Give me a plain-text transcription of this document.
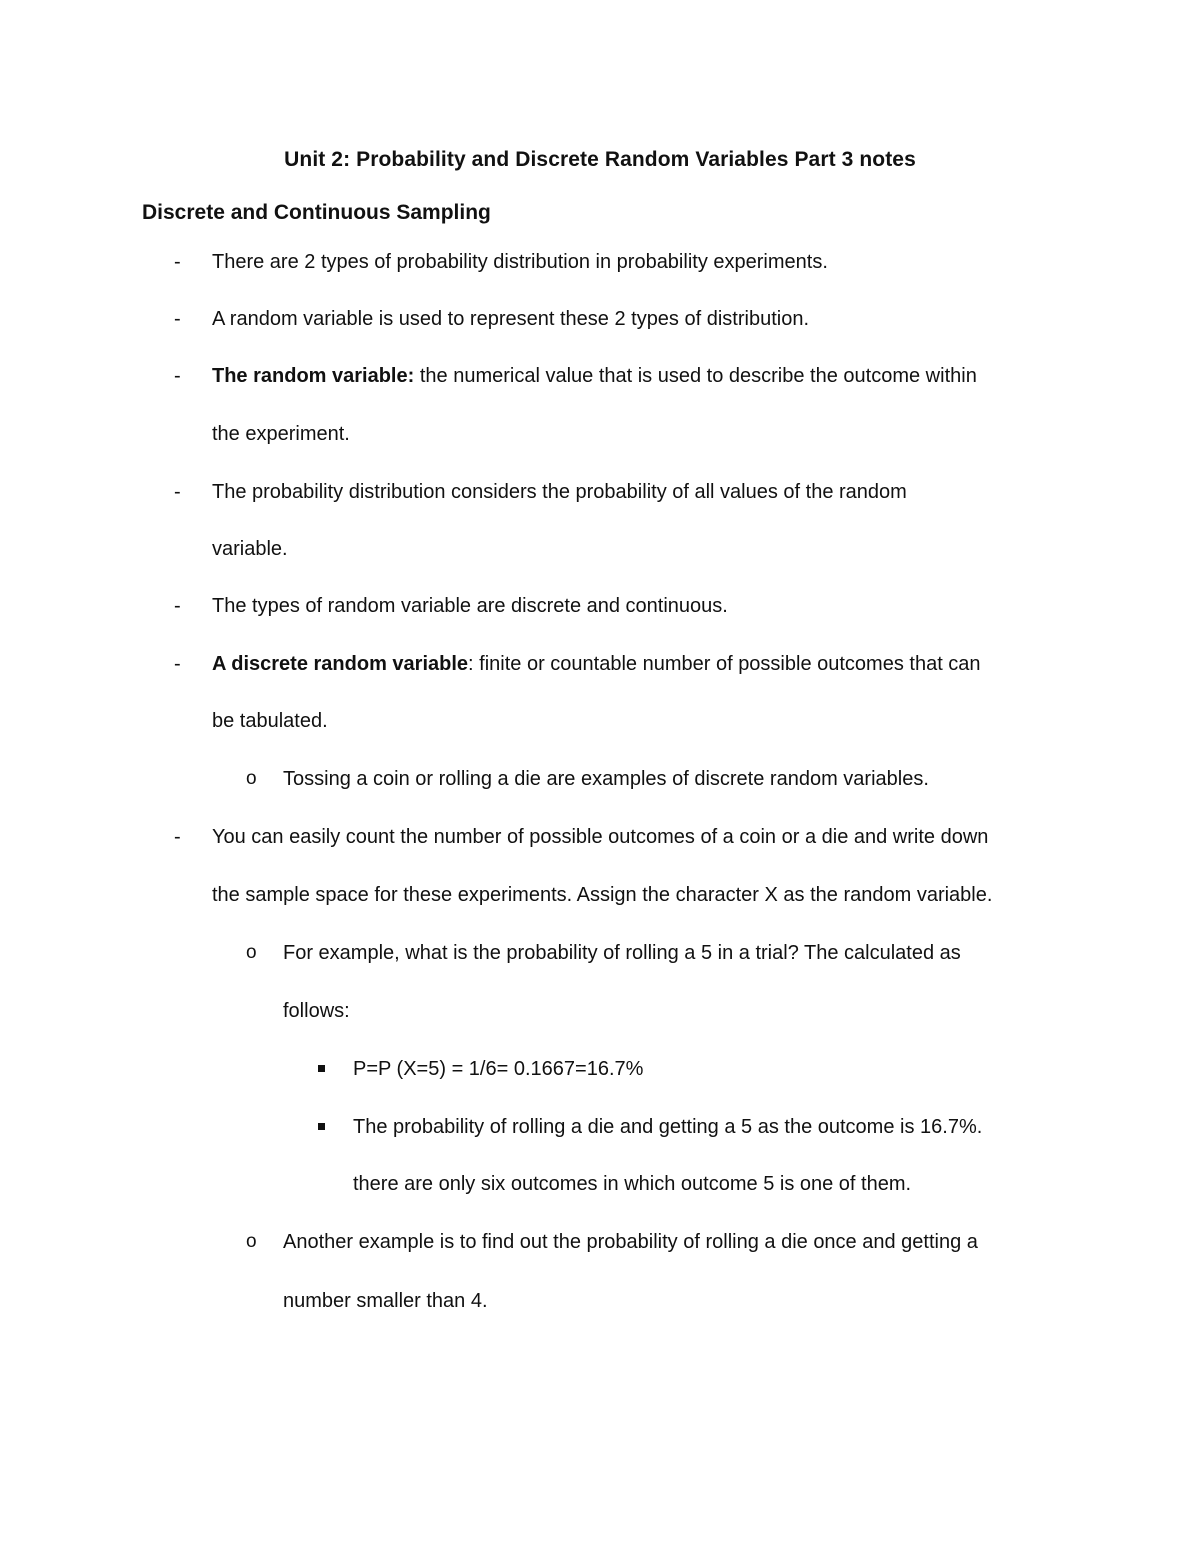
Unit 2: Probability and Discrete Random Variables Part 3 notes
Discrete and Continuous Sampling
- There are 2 types of probability distribution in probability experiments.
- A random variable is used to represent these 2 types of distribution.
- The random variable: the numerical value that is used to describe the outcome within
the experiment.
- The probability distribution considers the probability of all values of the random
variable.
- The types of random variable are discrete and continuous.
- A discrete random variable: finite or countable number of possible outcomes that can
be tabulated.
o Tossing a coin or rolling a die are examples of discrete random variables.
- You can easily count the number of possible outcomes of a coin or a die and write down
the sample space for these experiments. Assign the character X as the random variable.
o For example, what is the probability of rolling a 5 in a trial? The calculated as
follows:
P=P (X=5) = 1/6= 0.1667=16.7%
The probability of rolling a die and getting a 5 as the outcome is 16.7%.
there are only six outcomes in which outcome 5 is one of them.
o Another example is to find out the probability of rolling a die once and getting a
number smaller than 4.
